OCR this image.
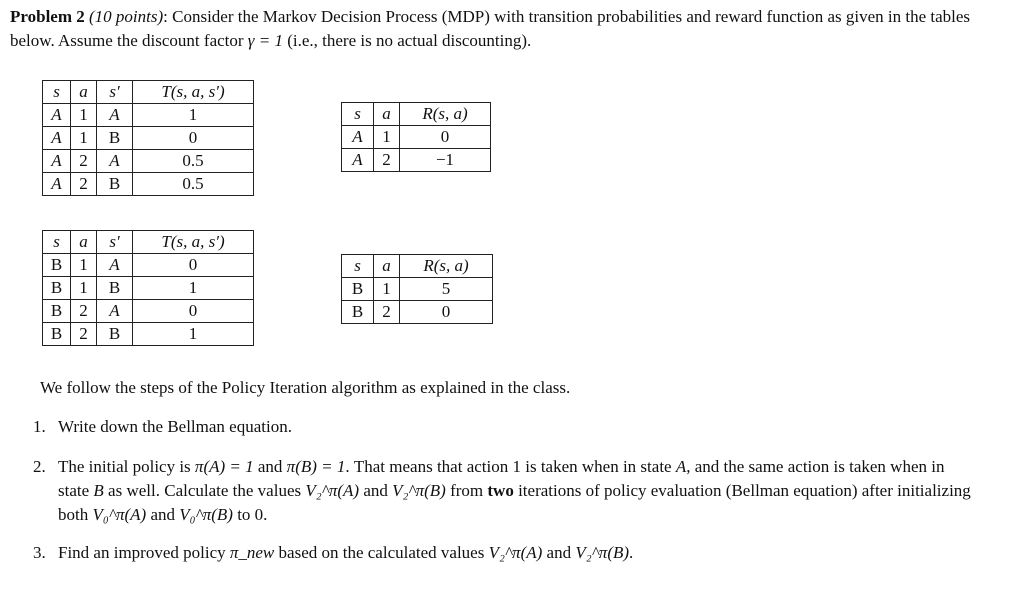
Problem 2 (10 points): Consider the Markov Decision Process (MDP) with transition probabilities and reward function as given in the tables below. Assume the discount factor γ = 1 (i.e., there is no actual discounting).
s	a	s′	T(s, a, s′)
A	1	A	1
A	1	B	0
A	2	A	0.5
A	2	B	0.5
s	a	R(s, a)
A	1	0
A	2	−1
s	a	s′	T(s, a, s′)
B	1	A	0
B	1	B	1
B	2	A	0
B	2	B	1
s	a	R(s, a)
B	1	5
B	2	0
We follow the steps of the Policy Iteration algorithm as explained in the class.
1. Write down the Bellman equation.
2. The initial policy is π(A) = 1 and π(B) = 1. That means that action 1 is taken when in state A, and the same action is taken when in state B as well. Calculate the values V₂^π(A) and V₂^π(B) from two iterations of policy evaluation (Bellman equation) after initializing both V₀^π(A) and V₀^π(B) to 0.
3. Find an improved policy π_new based on the calculated values V₂^π(A) and V₂^π(B).
